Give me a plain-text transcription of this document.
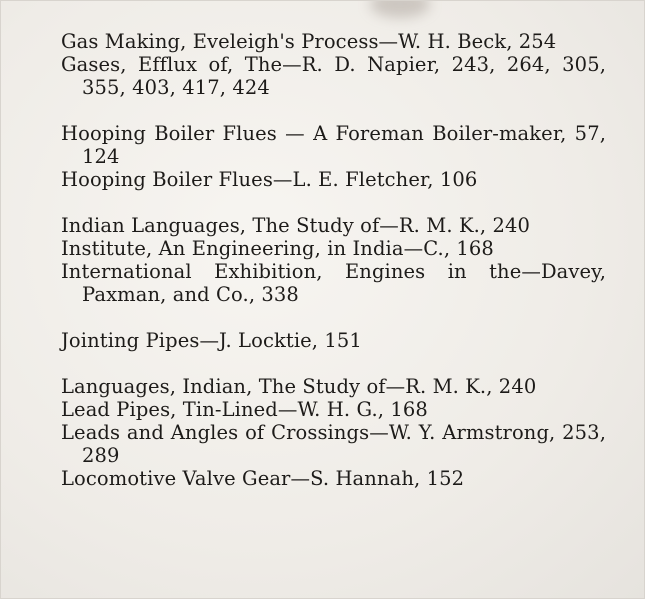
Gas Making, Eveleigh's Process—W. H. Beck, 254

Gases, Efflux of, The—R. D. Napier, 243, 264, 305, 355, 403, 417, 424

Hooping Boiler Flues — A Foreman Boiler-maker, 57, 124

Hooping Boiler Flues—L. E. Fletcher, 106

Indian Languages, The Study of—R. M. K., 240

Institute, An Engineering, in India—C., 168

International Exhibition, Engines in the—Davey, Paxman, and Co., 338

Jointing Pipes—J. Locktie, 151

Languages, Indian, The Study of—R. M. K., 240

Lead Pipes, Tin-Lined—W. H. G., 168

Leads and Angles of Crossings—W. Y. Armstrong, 253, 289

Locomotive Valve Gear—S. Hannah, 152
